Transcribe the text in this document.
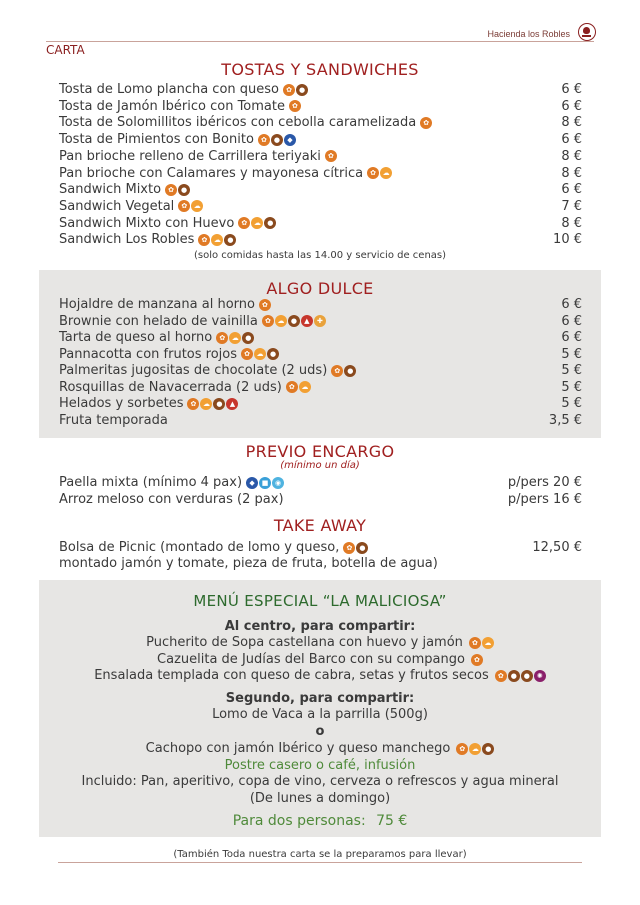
Hacienda los Robles
CARTA
TOSTAS Y SANDWICHES
Tosta de Lomo plancha con queso	✿	●	6 €
Tosta de Jamón Ibérico con Tomate	✿	6 €
Tosta de Solomillitos ibéricos con cebolla caramelizada	✿	8 €
Tosta de Pimientos con Bonito	✿	●	◆	6 €
Pan brioche relleno de Carrillera teriyaki	✿	8 €
Pan brioche con Calamares y mayonesa cítrica	✿ ☁	8 €
Sandwich Mixto	✿	●	6 €
Sandwich Vegetal	✿ ☁	7 €
Sandwich Mixto con Huevo	✿ ☁ ●	8 €
Sandwich Los Robles	✿ ☁ ●	10 €
(solo comidas hasta las 14.00 y servicio de cenas)
ALGO DULCE
Hojaldre de manzana al horno	✿	6 €
Brownie con helado de vainilla	✿ ☁ ●	▲	✚	6 €
Tarta de queso al horno	✿ ☁ ●	6 €
Pannacotta con frutos rojos	✿ ☁ ●	5 €
Palmeritas jugositas de chocolate (2 uds)	✿	●	5 €
Rosquillas de Navacerrada (2 uds)	✿ ☁	5 €
Helados y sorbetes	✿ ☁ ●	▲	5 €
Fruta temporada	3,5 €
PREVIO ENCARGO
(mínimo un día)
Paella mixta (mínimo 4 pax)	◆	■ ◉	p/pers 20 €
Arroz meloso con verduras (2 pax)	p/pers 16 €
TAKE AWAY
Bolsa de Picnic (montado de lomo y queso,	✿	●	12,50 €
montado jamón y tomate, pieza de fruta, botella de agua)
MENÚ ESPECIAL “LA MALICIOSA”
Al centro, para compartir:
Pucherito de Sopa castellana con huevo y jamón	✿ ☁
Cazuelita de Judías del Barco con su compango	✿
Ensalada templada con queso de cabra, setas y frutos secos	✿	● ●	✺
Segundo, para compartir:
Lomo de Vaca a la parrilla (500g)
o
Cachopo con jamón Ibérico y queso manchego	✿ ☁ ●
Postre casero o café, infusión
Incluido: Pan, aperitivo, copa de vino, cerveza o refrescos y agua mineral
(De lunes a domingo)
Para dos personas: 75 €
(También Toda nuestra carta se la preparamos para llevar)
